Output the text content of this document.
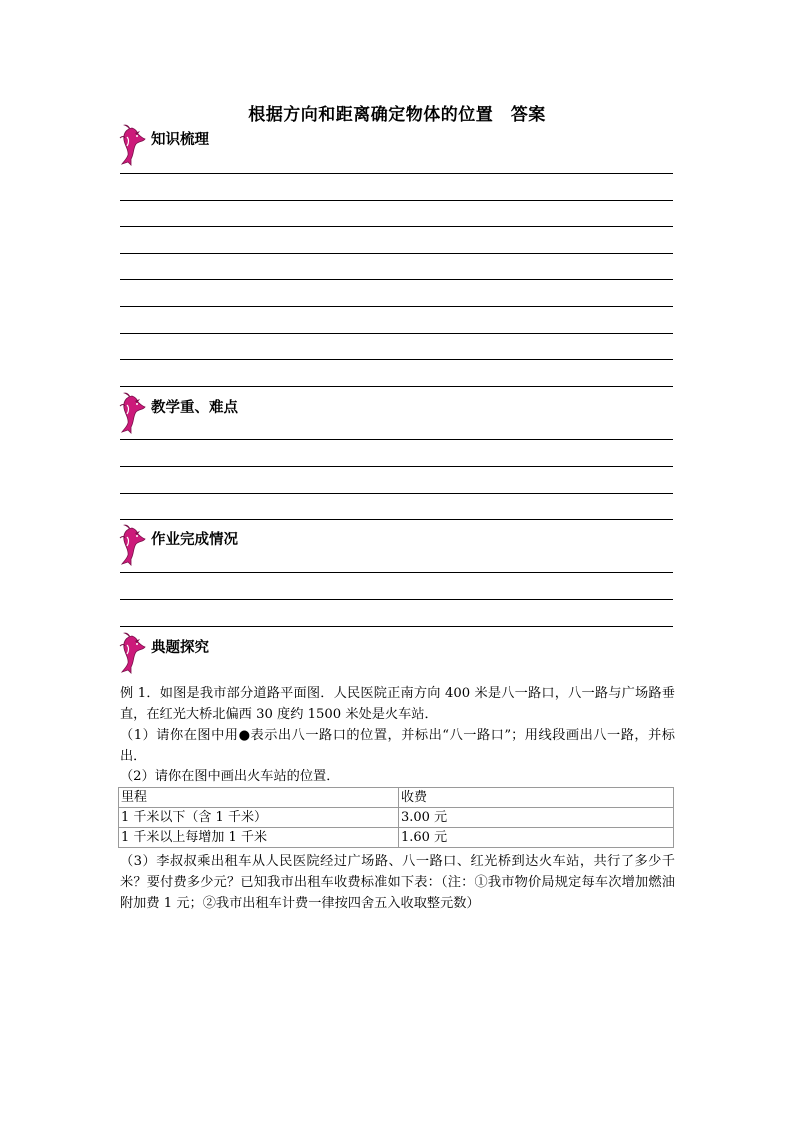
根据方向和距离确定物体的位置　答案
知识梳理
教学重、难点
作业完成情况
典题探究
例 1．如图是我市部分道路平面图．人民医院正南方向 400 米是八一路口，八一路与广场路垂直，在红光大桥北偏西 30 度约 1500 米处是火车站．
（1）请你在图中用●表示出八一路口的位置，并标出“八一路口”；用线段画出八一路，并标出．
（2）请你在图中画出火车站的位置．
里程	收费
1 千米以下（含 1 千米）	3.00 元
1 千米以上每增加 1 千米	1.60 元
（3）李叔叔乘出租车从人民医院经过广场路、八一路口、红光桥到达火车站，共行了多少千米？要付费多少元？已知我市出租车收费标准如下表：（注：①我市物价局规定每车次增加燃油附加费 1 元；②我市出租车计费一律按四舍五入收取整元数）
